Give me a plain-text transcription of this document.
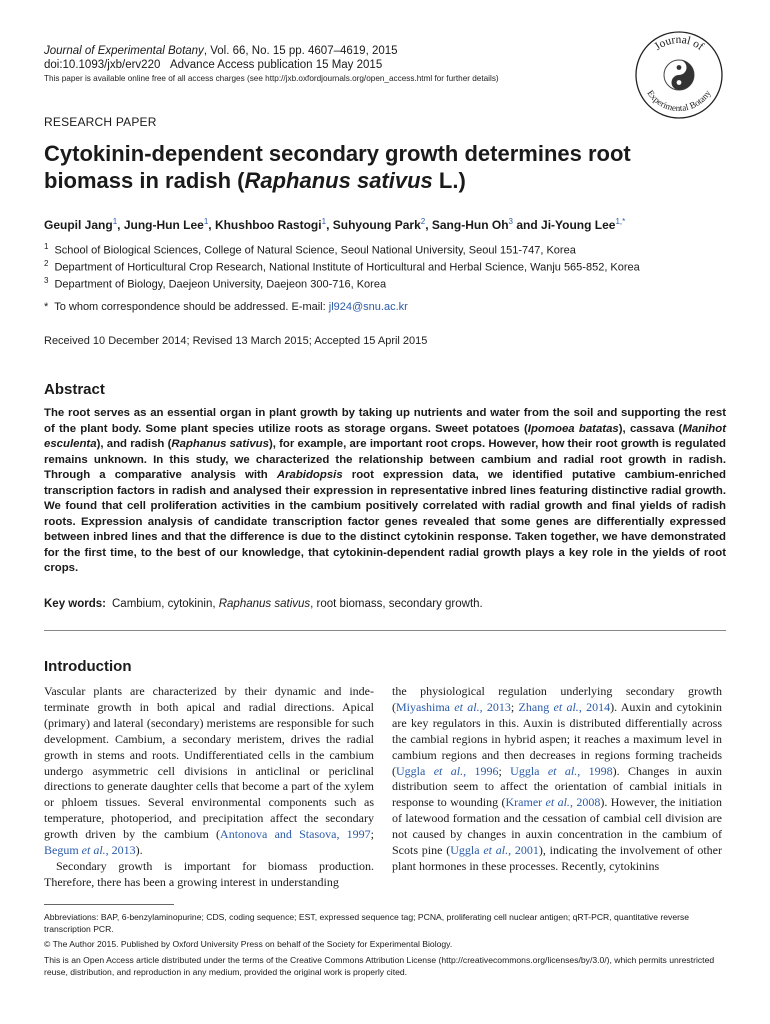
Journal of Experimental Botany, Vol. 66, No. 15 pp. 4607–4619, 2015
doi:10.1093/jxb/erv220 Advance Access publication 15 May 2015
This paper is available online free of all access charges (see http://jxb.oxfordjournals.org/open_access.html for further details)
Journal of
Experimental Botany
RESEARCH PAPER
Cytokinin-dependent secondary growth determines root
biomass in radish (Raphanus sativus L.)
Geupil Jang$^1$, Jung-Hun Lee$^1$, Khushboo Rastogi$^1$, Suhyoung Park$^2$, Sang-Hun Oh$^3$ and Ji-Young Lee$^{1,*}$
$^1$ School of Biological Sciences, College of Natural Science, Seoul National University, Seoul 151-747, Korea
$^2$ Department of Horticultural Crop Research, National Institute of Horticultural and Herbal Science, Wanju 565-852, Korea
$^3$ Department of Biology, Daejeon University, Daejeon 300-716, Korea
* To whom correspondence should be addressed. E-mail: jl924@snu.ac.kr
Received 10 December 2014; Revised 13 March 2015; Accepted 15 April 2015
Abstract

The root serves as an essential organ in plant growth by taking up nutrients and water from the soil and supporting the rest of the plant body. Some plant species utilize roots as storage organs. Sweet potatoes (Ipomoea batatas), cassava (Manihot esculenta), and radish (Raphanus sativus), for example, are important root crops. However, how their root growth is regulated remains unknown. In this study, we characterized the relationship between cambium and radial root growth in radish. Through a comparative analysis with Arabidopsis root expression data, we identified putative cambium-enriched transcription factors in radish and analysed their expression in representative inbred lines featuring distinctive radial growth. We found that cell proliferation activities in the cambium positively correlated with radial growth and final yields of radish roots. Expression analysis of candidate transcription factor genes revealed that some genes are differentially expressed between inbred lines and that the difference is due to the distinct cytokinin response. Taken together, we have demonstrated for the first time, to the best of our knowledge, that cytokinin-dependent radial growth plays a key role in the yields of root crops.

Key words: Cambium, cytokinin, Raphanus sativus, root biomass, secondary growth.
Introduction

Vascular plants are characterized by their dynamic and indeterminate growth in both apical and radial directions. Apical (primary) and lateral (secondary) meristems are responsible for such development. Cambium, a secondary meristem, drives the radial growth in stems and roots. Undifferentiated cells in the cambium undergo asymmetric cell divisions in anticlinal or periclinal directions to generate daughter cells that become a part of the xylem or phloem tissues. Several environmental components such as temperature, photoperiod, and precipitation affect the secondary growth driven by the cambium (Antonova and Stasova, 1997; Begum et al., 2013).

Secondary growth is important for biomass production. Therefore, there has been a growing interest in understanding

the physiological regulation underlying secondary growth (Miyashima et al., 2013; Zhang et al., 2014). Auxin and cytokinin are key regulators in this. Auxin is distributed differentially across the cambial regions in hybrid aspen; it reaches a maximum level in cambium regions and then decreases in regions forming tracheids (Uggla et al., 1996; Uggla et al., 1998). Changes in auxin distribution seem to affect the orientation of cambial initials in response to wounding (Kramer et al., 2008). However, the initiation of latewood formation and the cessation of cambial cell division are not caused by changes in auxin concentration in the cambium of Scots pine (Uggla et al., 2001), indicating the involvement of other plant hormones in these processes. Recently, cytokinins

Abbreviations: BAP, 6-benzylaminopurine; CDS, coding sequence; EST, expressed sequence tag; PCNA, proliferating cell nuclear antigen; qRT-PCR, quantitative reverse transcription PCR.

© The Author 2015. Published by Oxford University Press on behalf of the Society for Experimental Biology.

This is an Open Access article distributed under the terms of the Creative Commons Attribution License (http://creativecommons.org/licenses/by/3.0/), which permits unrestricted reuse, distribution, and reproduction in any medium, provided the original work is properly cited.
